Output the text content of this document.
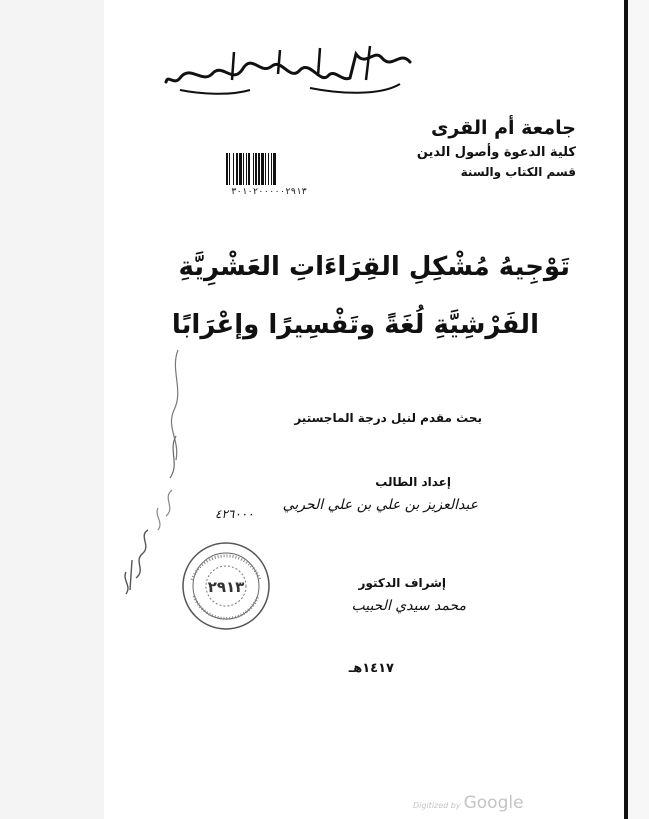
جامعة أم القرى
كلية الدعوة وأصول الدين
قسم الكتاب والسنة
٣٠١٠٢٠٠٠٠٠٢٩١٣
تَوْجِيهُ مُشْكِلِ القِرَاءَاتِ العَشْرِيَّةِ
الفَرْشِيَّةِ لُغَةً وتَفْسِيرًا وإعْرَابًا
بحث مقدم لنيل درجة الماجستير
إعداد الطالب
عبدالعزيز بن علي بن علي الحربي
٤٢٦٠٠٠
٢٩١٣	إشراف الدكتور
محمد سيدي الحبيب
١٤١٧هـ
Digitized by Google
